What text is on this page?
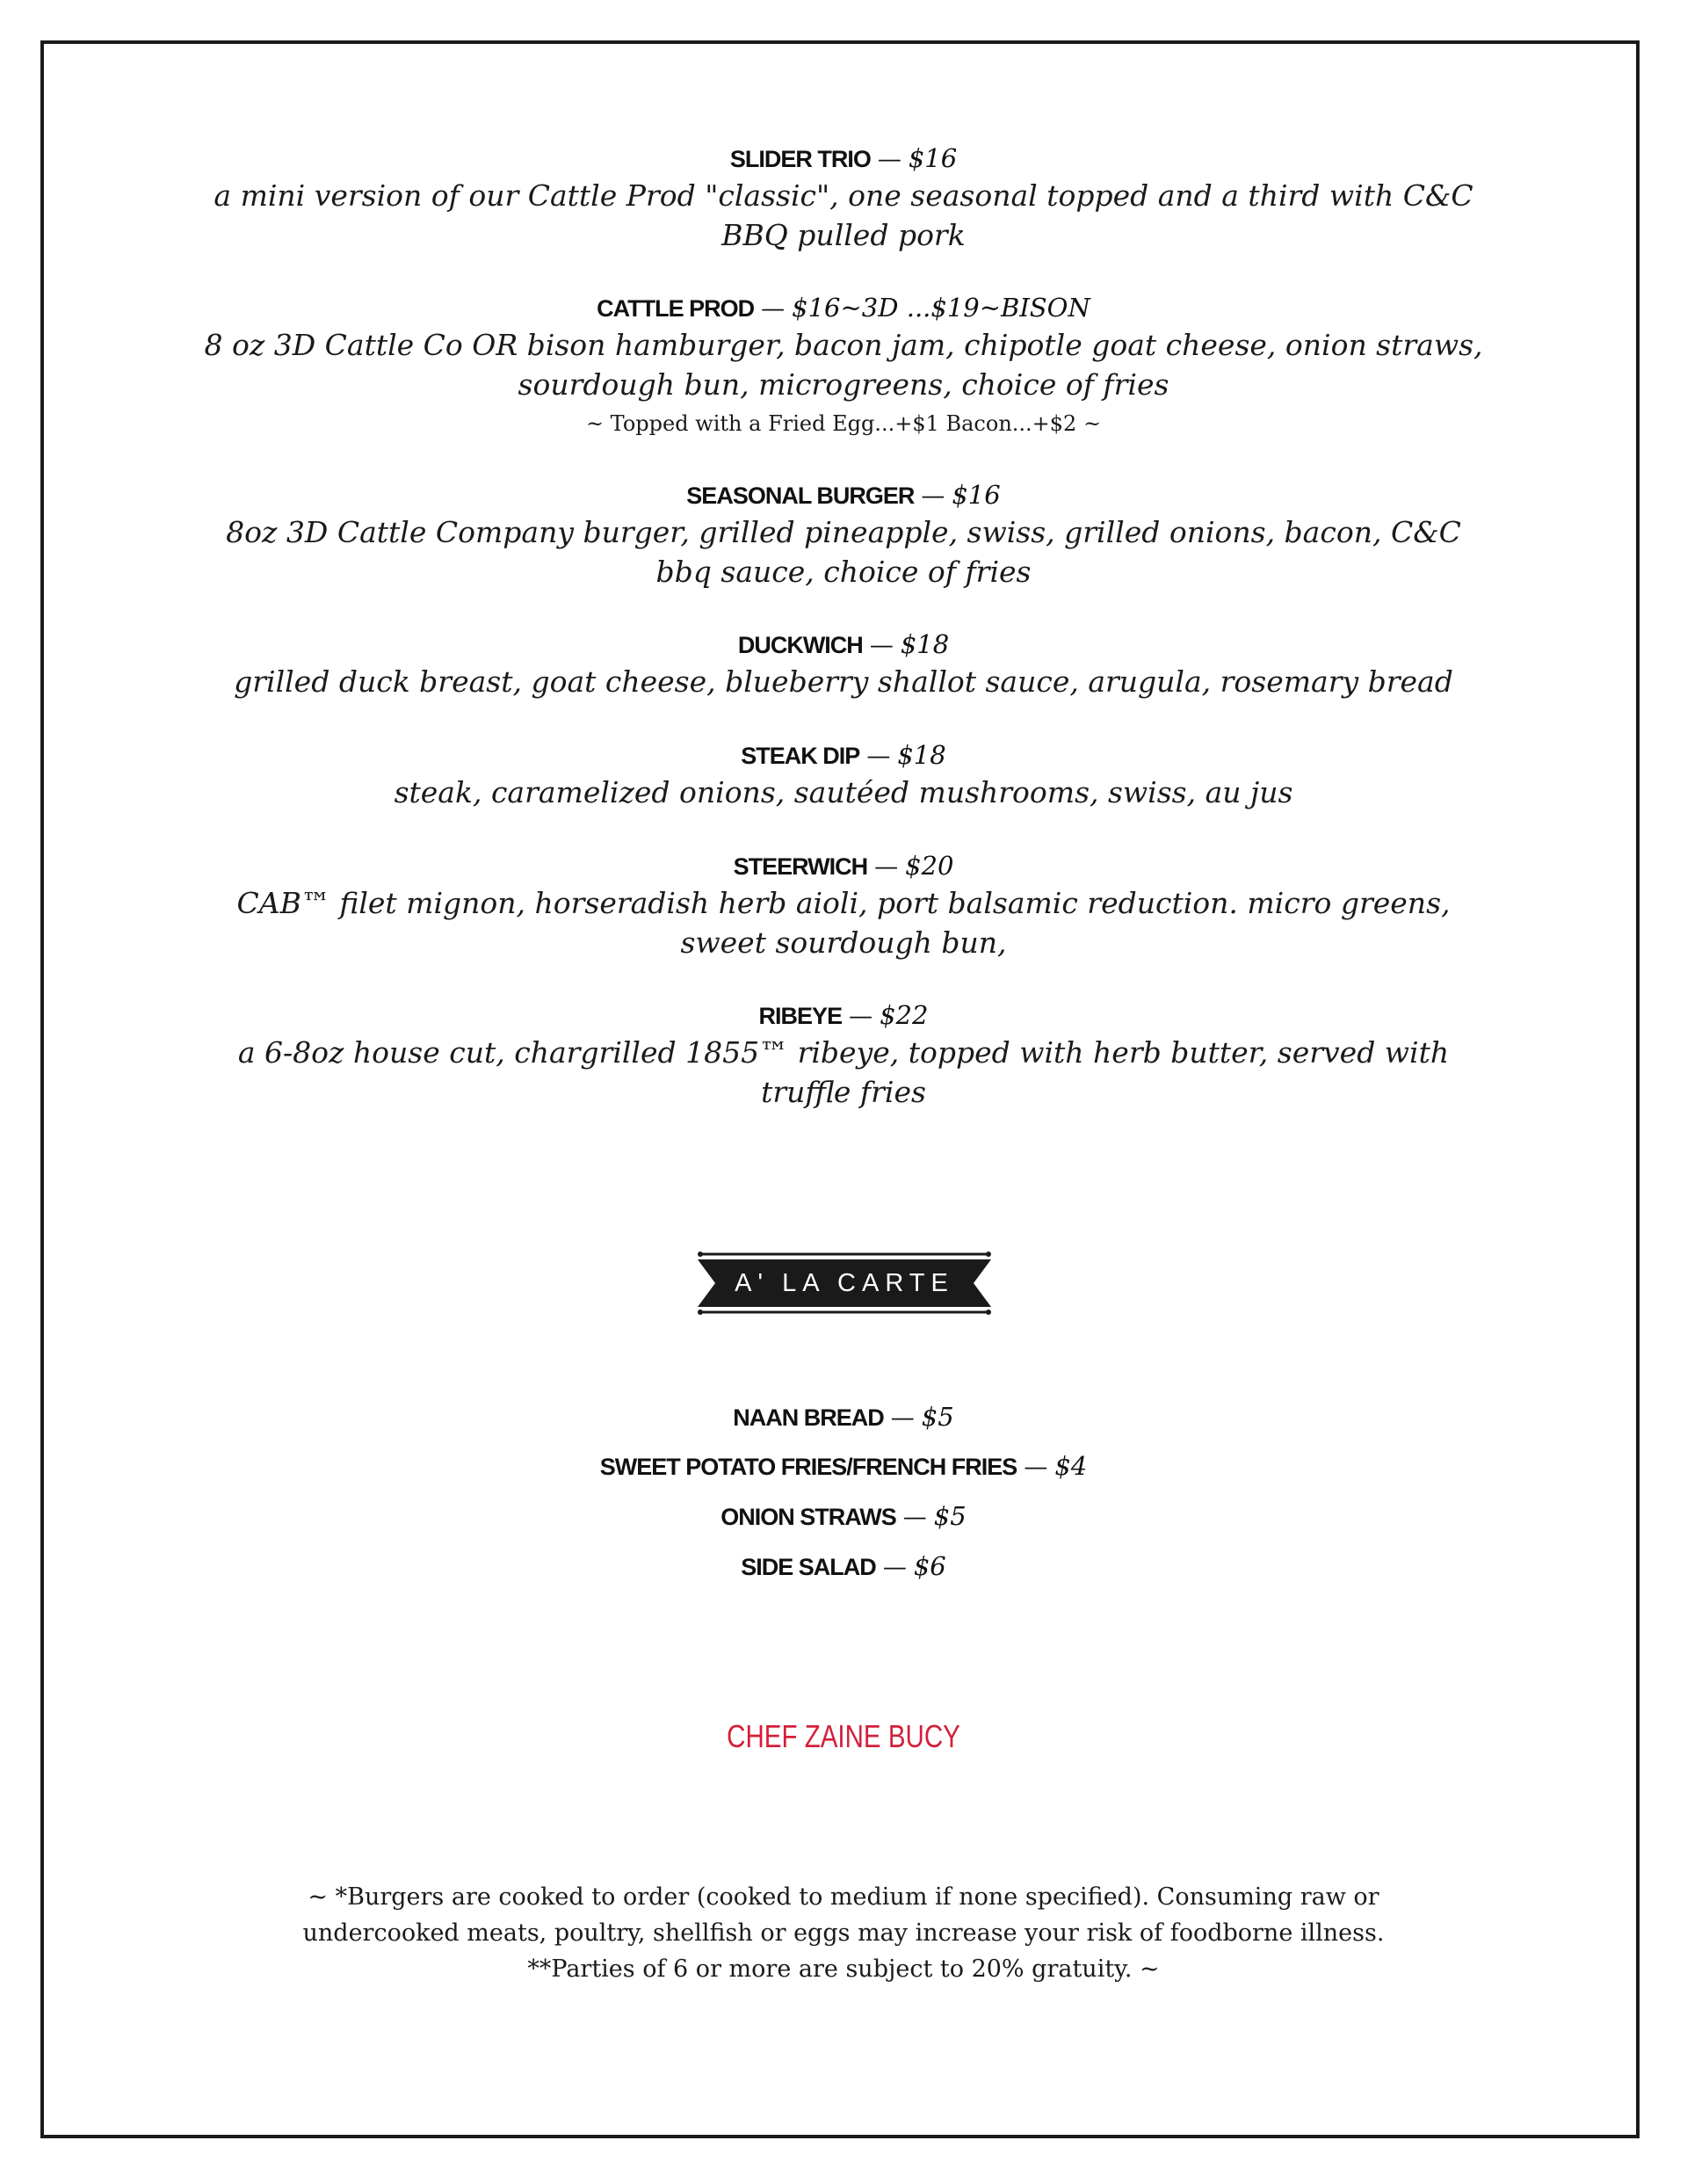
SLIDER TRIO — $16
a mini version of our Cattle Prod "classic", one seasonal topped and a third with C&C BBQ pulled pork
CATTLE PROD — $16~3D ...$19~BISON
8 oz 3D Cattle Co OR bison hamburger, bacon jam, chipotle goat cheese, onion straws, sourdough bun, microgreens, choice of fries
~ Topped with a Fried Egg...+$1 Bacon...+$2 ~
SEASONAL BURGER — $16
8oz 3D Cattle Company burger, grilled pineapple, swiss, grilled onions, bacon, C&C bbq sauce, choice of fries
DUCKWICH — $18
grilled duck breast, goat cheese, blueberry shallot sauce, arugula, rosemary bread
STEAK DIP — $18
steak, caramelized onions, sautéed mushrooms, swiss, au jus
STEERWICH — $20
CAB™ filet mignon, horseradish herb aioli, port balsamic reduction. micro greens, sweet sourdough bun,
RIBEYE — $22
a 6-8oz house cut, chargrilled 1855™ ribeye, topped with herb butter, served with truffle fries
A' LA CARTE
NAAN BREAD — $5
SWEET POTATO FRIES/FRENCH FRIES — $4
ONION STRAWS — $5
SIDE SALAD — $6
CHEF ZAINE BUCY
~ *Burgers are cooked to order (cooked to medium if none specified). Consuming raw or undercooked meats, poultry, shellfish or eggs may increase your risk of foodborne illness. **Parties of 6 or more are subject to 20% gratuity. ~
